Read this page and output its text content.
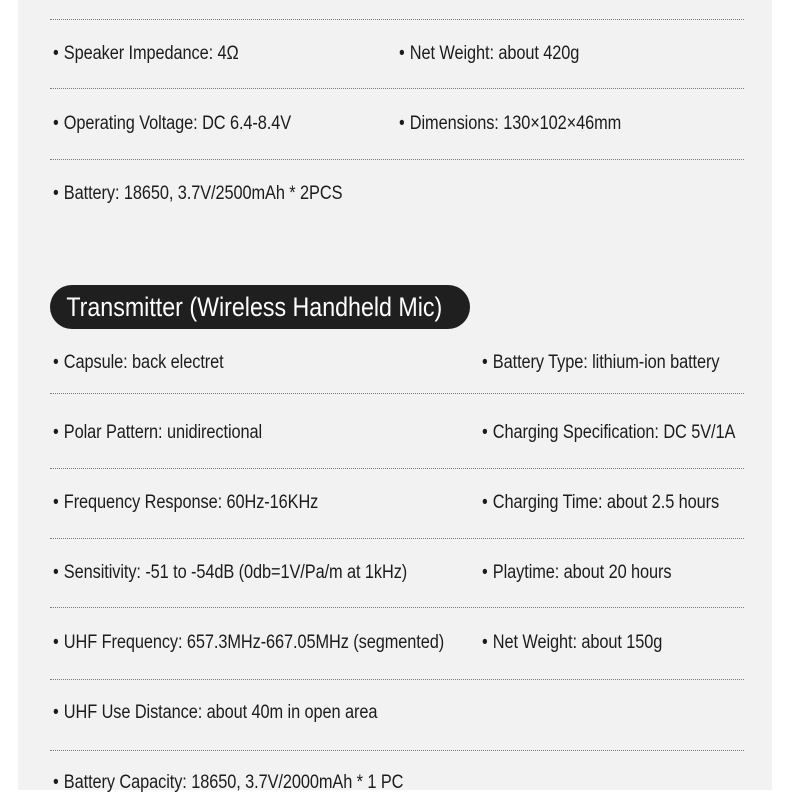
• Speaker Impedance: 4Ω	• Net Weight: about 420g
• Operating Voltage: DC 6.4-8.4V	• Dimensions: 130×102×46mm
• Battery: 18650, 3.7V/2500mAh * 2PCS
Transmitter (Wireless Handheld Mic)
• Capsule: back electret	• Battery Type: lithium-ion battery
• Polar Pattern: unidirectional	• Charging Specification: DC 5V/1A
• Frequency Response: 60Hz-16KHz	• Charging Time: about 2.5 hours
• Sensitivity: -51 to -54dB (0db=1V/Pa/m at 1kHz)	• Playtime: about 20 hours
• UHF Frequency: 657.3MHz-667.05MHz (segmented) • Net Weight: about 150g
• UHF Use Distance: about 40m in open area
• Battery Capacity: 18650, 3.7V/2000mAh * 1 PC
